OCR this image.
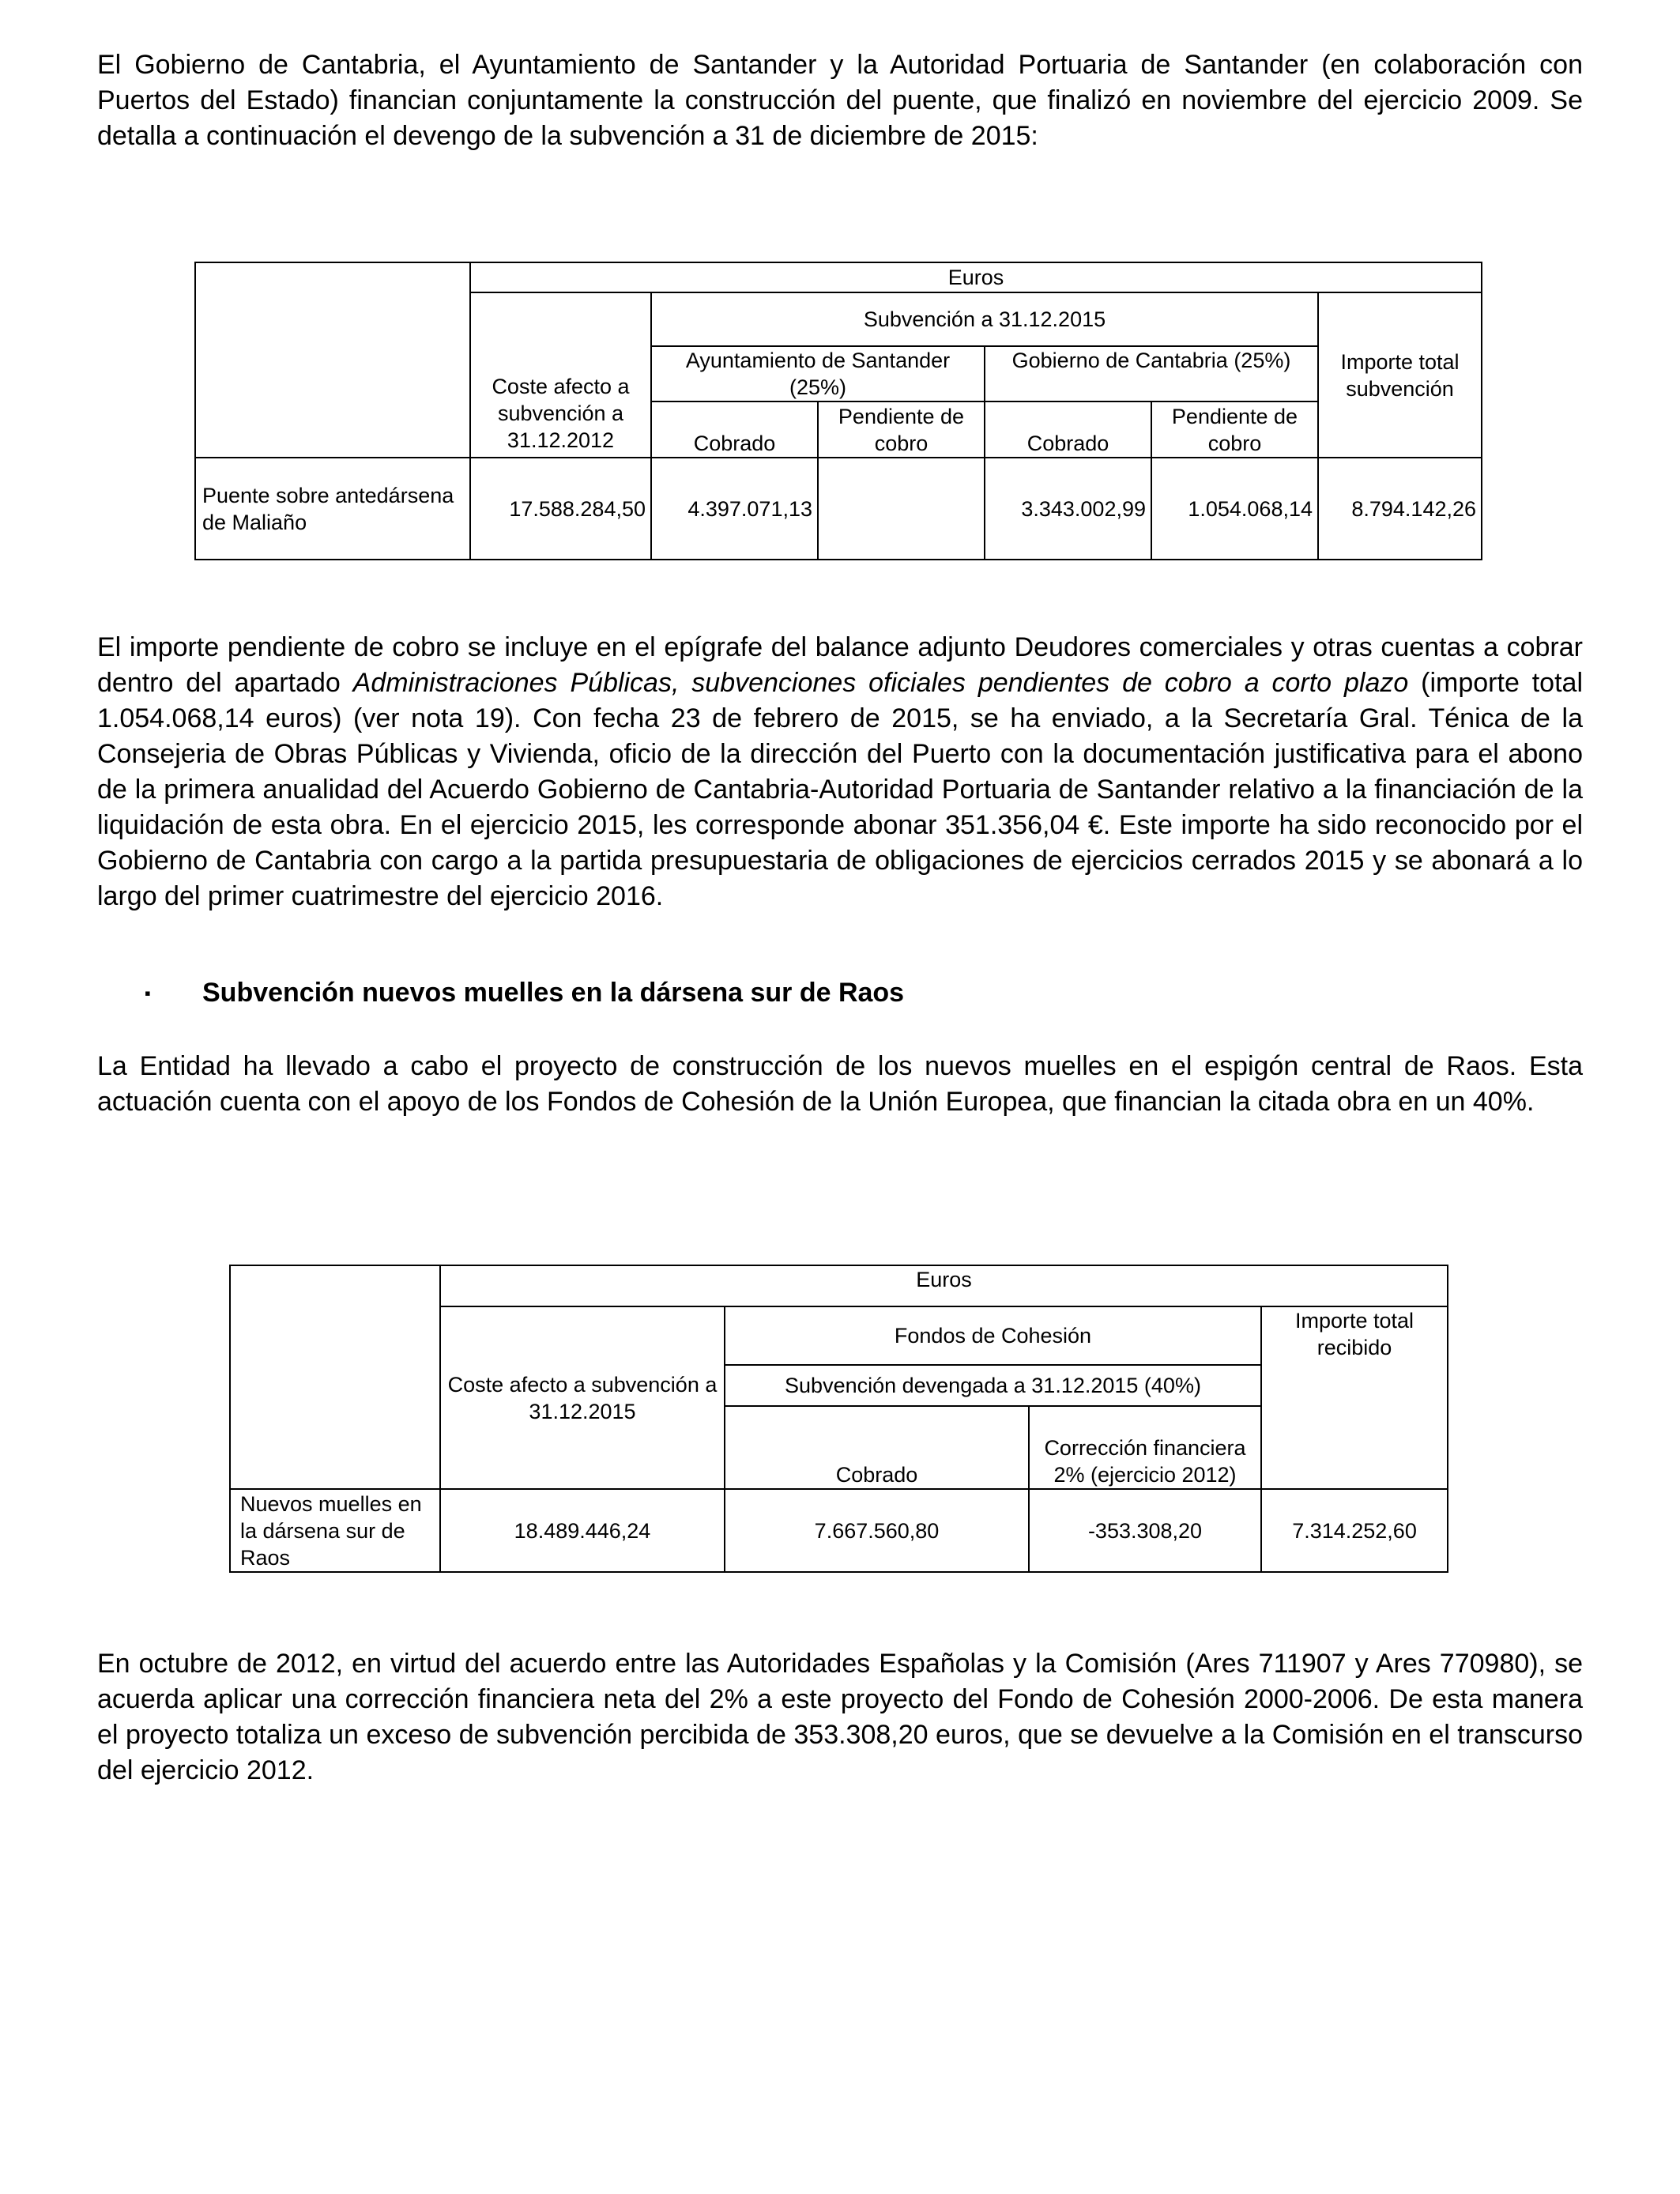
El Gobierno de Cantabria, el Ayuntamiento de Santander y la Autoridad Portuaria de Santander (en colaboración con Puertos del Estado) financian conjuntamente la construcción del puente, que finalizó en noviembre del ejercicio 2009. Se detalla a continuación el devengo de la subvención a 31 de diciembre de 2015:

	Euros					
	Coste afecto a subvención a 31.12.2012	Subvención a 31.12.2015				Importe total subvención
		Ayuntamiento de Santander (25%)		Gobierno de Cantabria (25%)		
		Cobrado	Pendiente de cobro	Cobrado	Pendiente de cobro	
Puente sobre antedársena de Maliaño	17.588.284,50	4.397.071,13		3.343.002,99	1.054.068,14	8.794.142,26

El importe pendiente de cobro se incluye en el epígrafe del balance adjunto Deudores comerciales y otras cuentas a cobrar dentro del apartado Administraciones Públicas, subvenciones oficiales pendientes de cobro a corto plazo (importe total 1.054.068,14 euros) (ver nota 19). Con fecha 23 de febrero de 2015, se ha enviado, a la Secretaría Gral. Ténica de la Consejeria de Obras Públicas y Vivienda, oficio de la dirección del Puerto con la documentación justificativa para el abono de la primera anualidad del Acuerdo Gobierno de Cantabria-Autoridad Portuaria de Santander relativo a la financiación de la liquidación de esta obra. En el ejercicio 2015, les corresponde abonar 351.356,04 €. Este importe ha sido reconocido por el Gobierno de Cantabria con cargo a la partida presupuestaria de obligaciones de ejercicios cerrados 2015 y se abonará a lo largo del primer cuatrimestre del ejercicio 2016.

▪ Subvención nuevos muelles en la dársena sur de Raos

La Entidad ha llevado a cabo el proyecto de construcción de los nuevos muelles en el espigón central de Raos. Esta actuación cuenta con el apoyo de los Fondos de Cohesión de la Unión Europea, que financian la citada obra en un 40%.

	Euros			
	Coste afecto a subvención a 31.12.2015	Fondos de Cohesión		Importe total recibido
		Subvención devengada a 31.12.2015 (40%)		
		Cobrado	Corrección financiera 2% (ejercicio 2012)	
Nuevos muelles en la dársena sur de Raos	18.489.446,24	7.667.560,80	-353.308,20	7.314.252,60

En octubre de 2012, en virtud del acuerdo entre las Autoridades Españolas y la Comisión (Ares 711907 y Ares 770980), se acuerda aplicar una corrección financiera neta del 2% a este proyecto del Fondo de Cohesión 2000-2006. De esta manera el proyecto totaliza un exceso de subvención percibida de 353.308,20 euros, que se devuelve a la Comisión en el transcurso del ejercicio 2012.
